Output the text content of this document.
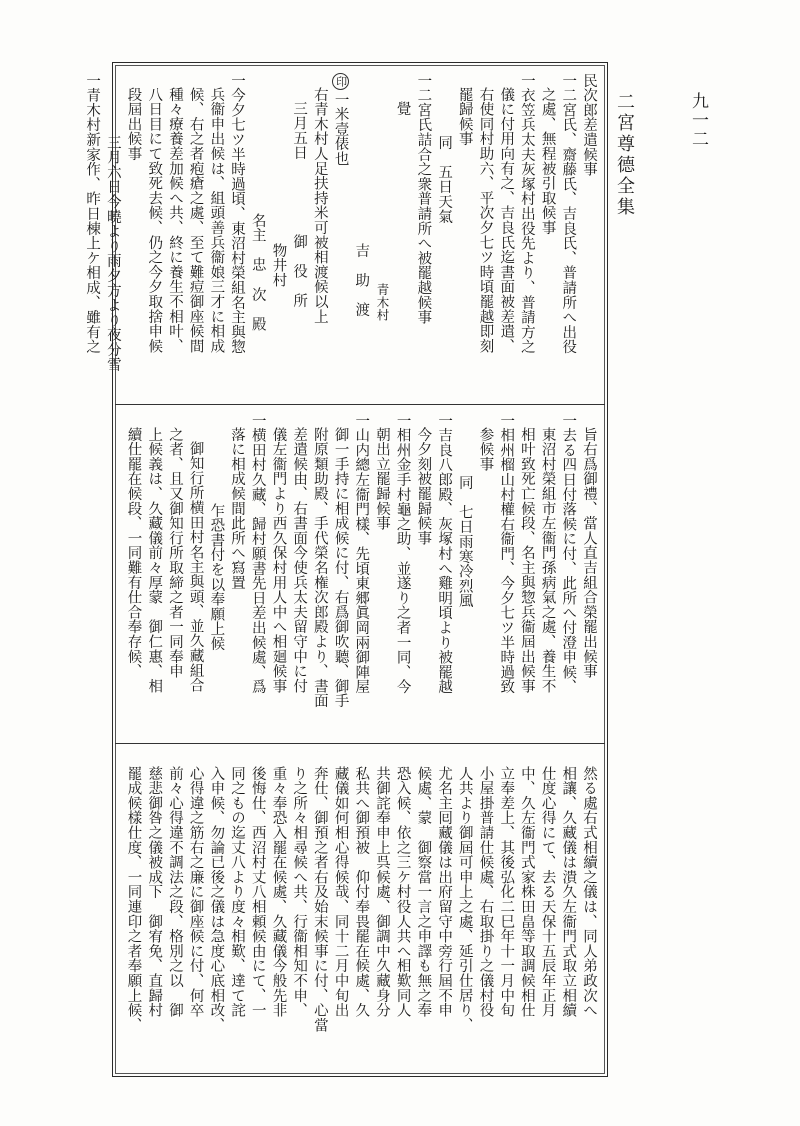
二宮尊德全集	九一二
民次郎差遣候事
一二宮氏、齋藤氏、吉良氏、普請所へ出役
之處、無程被引取候事
一衣笠兵太夫灰塚村出役先より、普請方之
儀に付用向有之、吉良氏迄書面被差遣、
右使同村助六、平次夕七ツ時頃罷越即刻
罷歸候事
同　五日天氣
一二宮氏詰合之衆普請所へ被罷越候事
覺
青木村
吉　助　渡
印一米壹俵也
右青木村人足扶持米可被相渡候以上
三月五日　　　　　御　役　所
物井村
名主　忠　次　殿
一今夕七ツ半時過頃、東沼村榮組名主與惣
兵衞申出候は、組頭善兵衞娘三才に相成
候、右之者疱瘡之處、至て難痘御座候間
種々療養差加候へ共、終に養生不相叶、
八日目にて致死去候、仍之今夕取捨申候
段屆出候事
三月六日今曉より雨夕方より夜分雪
一青木村新家作、昨日棟上ケ相成、雖有之
旨右爲御禮、當人直吉組合榮罷出候事
一去る四日付落候に付、此所へ付澄申候、
東沼村榮組市左衞門孫病氣之處、養生不
相叶致死亡候段、名主與惣兵衞屆出候事
一相州榴山村權右衞門、今夕七ツ半時過致
参候事
同　七日雨寒冷烈風
一吉良八郎殿、灰塚村へ雞明頃より被罷越
今夕刻被罷歸候事
一相州金手村龜之助、並遂り之者一同、今
朝出立罷歸候事
一山内總左衞門樣、先頃東郷眞岡兩御陣屋
御一手持に相成候に付、右爲御吹聽、御手
附原類助殿、手代榮名権次郎殿より、書面
差遣候由、右書面今使兵太夫留守中に付
儀左衞門より西久保村用人中へ相廻候事
一横田村久藏、歸村願書先日差出候處、爲
落に相成候間此所へ寫置
乍恐書付を以奉願上候
御知行所横田村名主與頭、並久藏組合
之者、且又御知行所取締之者一同奉申
上候義は、久藏儀前々厚蒙　御仁惠、相
續仕罷在候段、一同難有仕合奉存候、
然る處右式相續之儀は、同人弟政次へ
相讓、久藏儀は潰久左衞門式取立相續
仕度心得にて、去る天保十五辰年正月
中、久左衞門式家株田畠等取調候相仕
立奉差上、其後弘化二巳年十一月中旬
小屋掛普請仕候處、右取掛り之儀村役
人共より御屆可申上之處、延引仕居り、
尤名主囘藏儀は出府留守中旁行屆不申
候處、蒙　御察當一言之申譯も無之奉
恐入候、依之三ケ村役人共へ相歎同人
共御詫奉申上呉候處、御調中久藏身分
私共へ御預被　仰付奉畏罷在候處、久
藏儀如何相心得候哉、同十二月中旬出
奔仕、御預之者右及始末候事に付、心當
り之所々相尋候へ共、行衞相知不申、
重々奉恐入罷在候處、久藏儀今般先非
後悔仕、西沼村丈八相頼候由にて、一
同之もの迄丈八より度々相歎、達て詫
入申候、勿論已後之儀は急度心底相改、
心得違之筋右之廉に御座候に付、何卒
前々心得違不調法之段、格別之以　御
慈悲御咎之儀被成下　御宥免、直歸村
罷成候樣仕度、一同連印之者奉願上候、
